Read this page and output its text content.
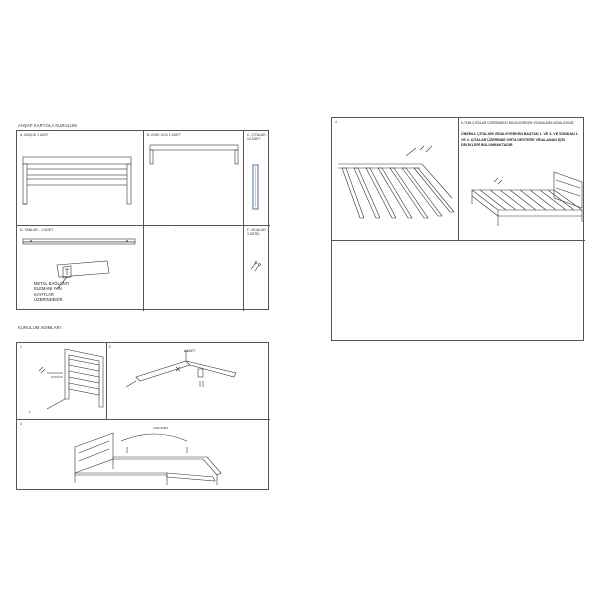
AHŞAP KARYOLA KURULUM
A- BAŞLIK 1 ADET	B- AYAK UCU 1 ADET	C- ÇITALAR - 10 ADET
D- YANLAR – 2 ADET
METAL BAĞLANTI ELEMANI YAN KAYITLAR ÜZERİNDEDİR
-	F- VİDALAR - 3 DEĞİL
KURULUM ADIMLARI
1
L
2
4 ADET
3
4 ER ADET
4	5-TÜM ÇITALAR ÜZERİNDEKİ DELİKLERDEN VİDANLARA VİDALAYINIZ
ÖNEMLİ: ÇITALARI VİDALEYERKEN BAŞTAN 1. VE 4. VE SONDAN 1. VE 4. ÇITALAR ÜZERİNDE ORTA DESTEĞE VİDALANAN İÇİN DELİKLERİ BULUNMAKTADIR
